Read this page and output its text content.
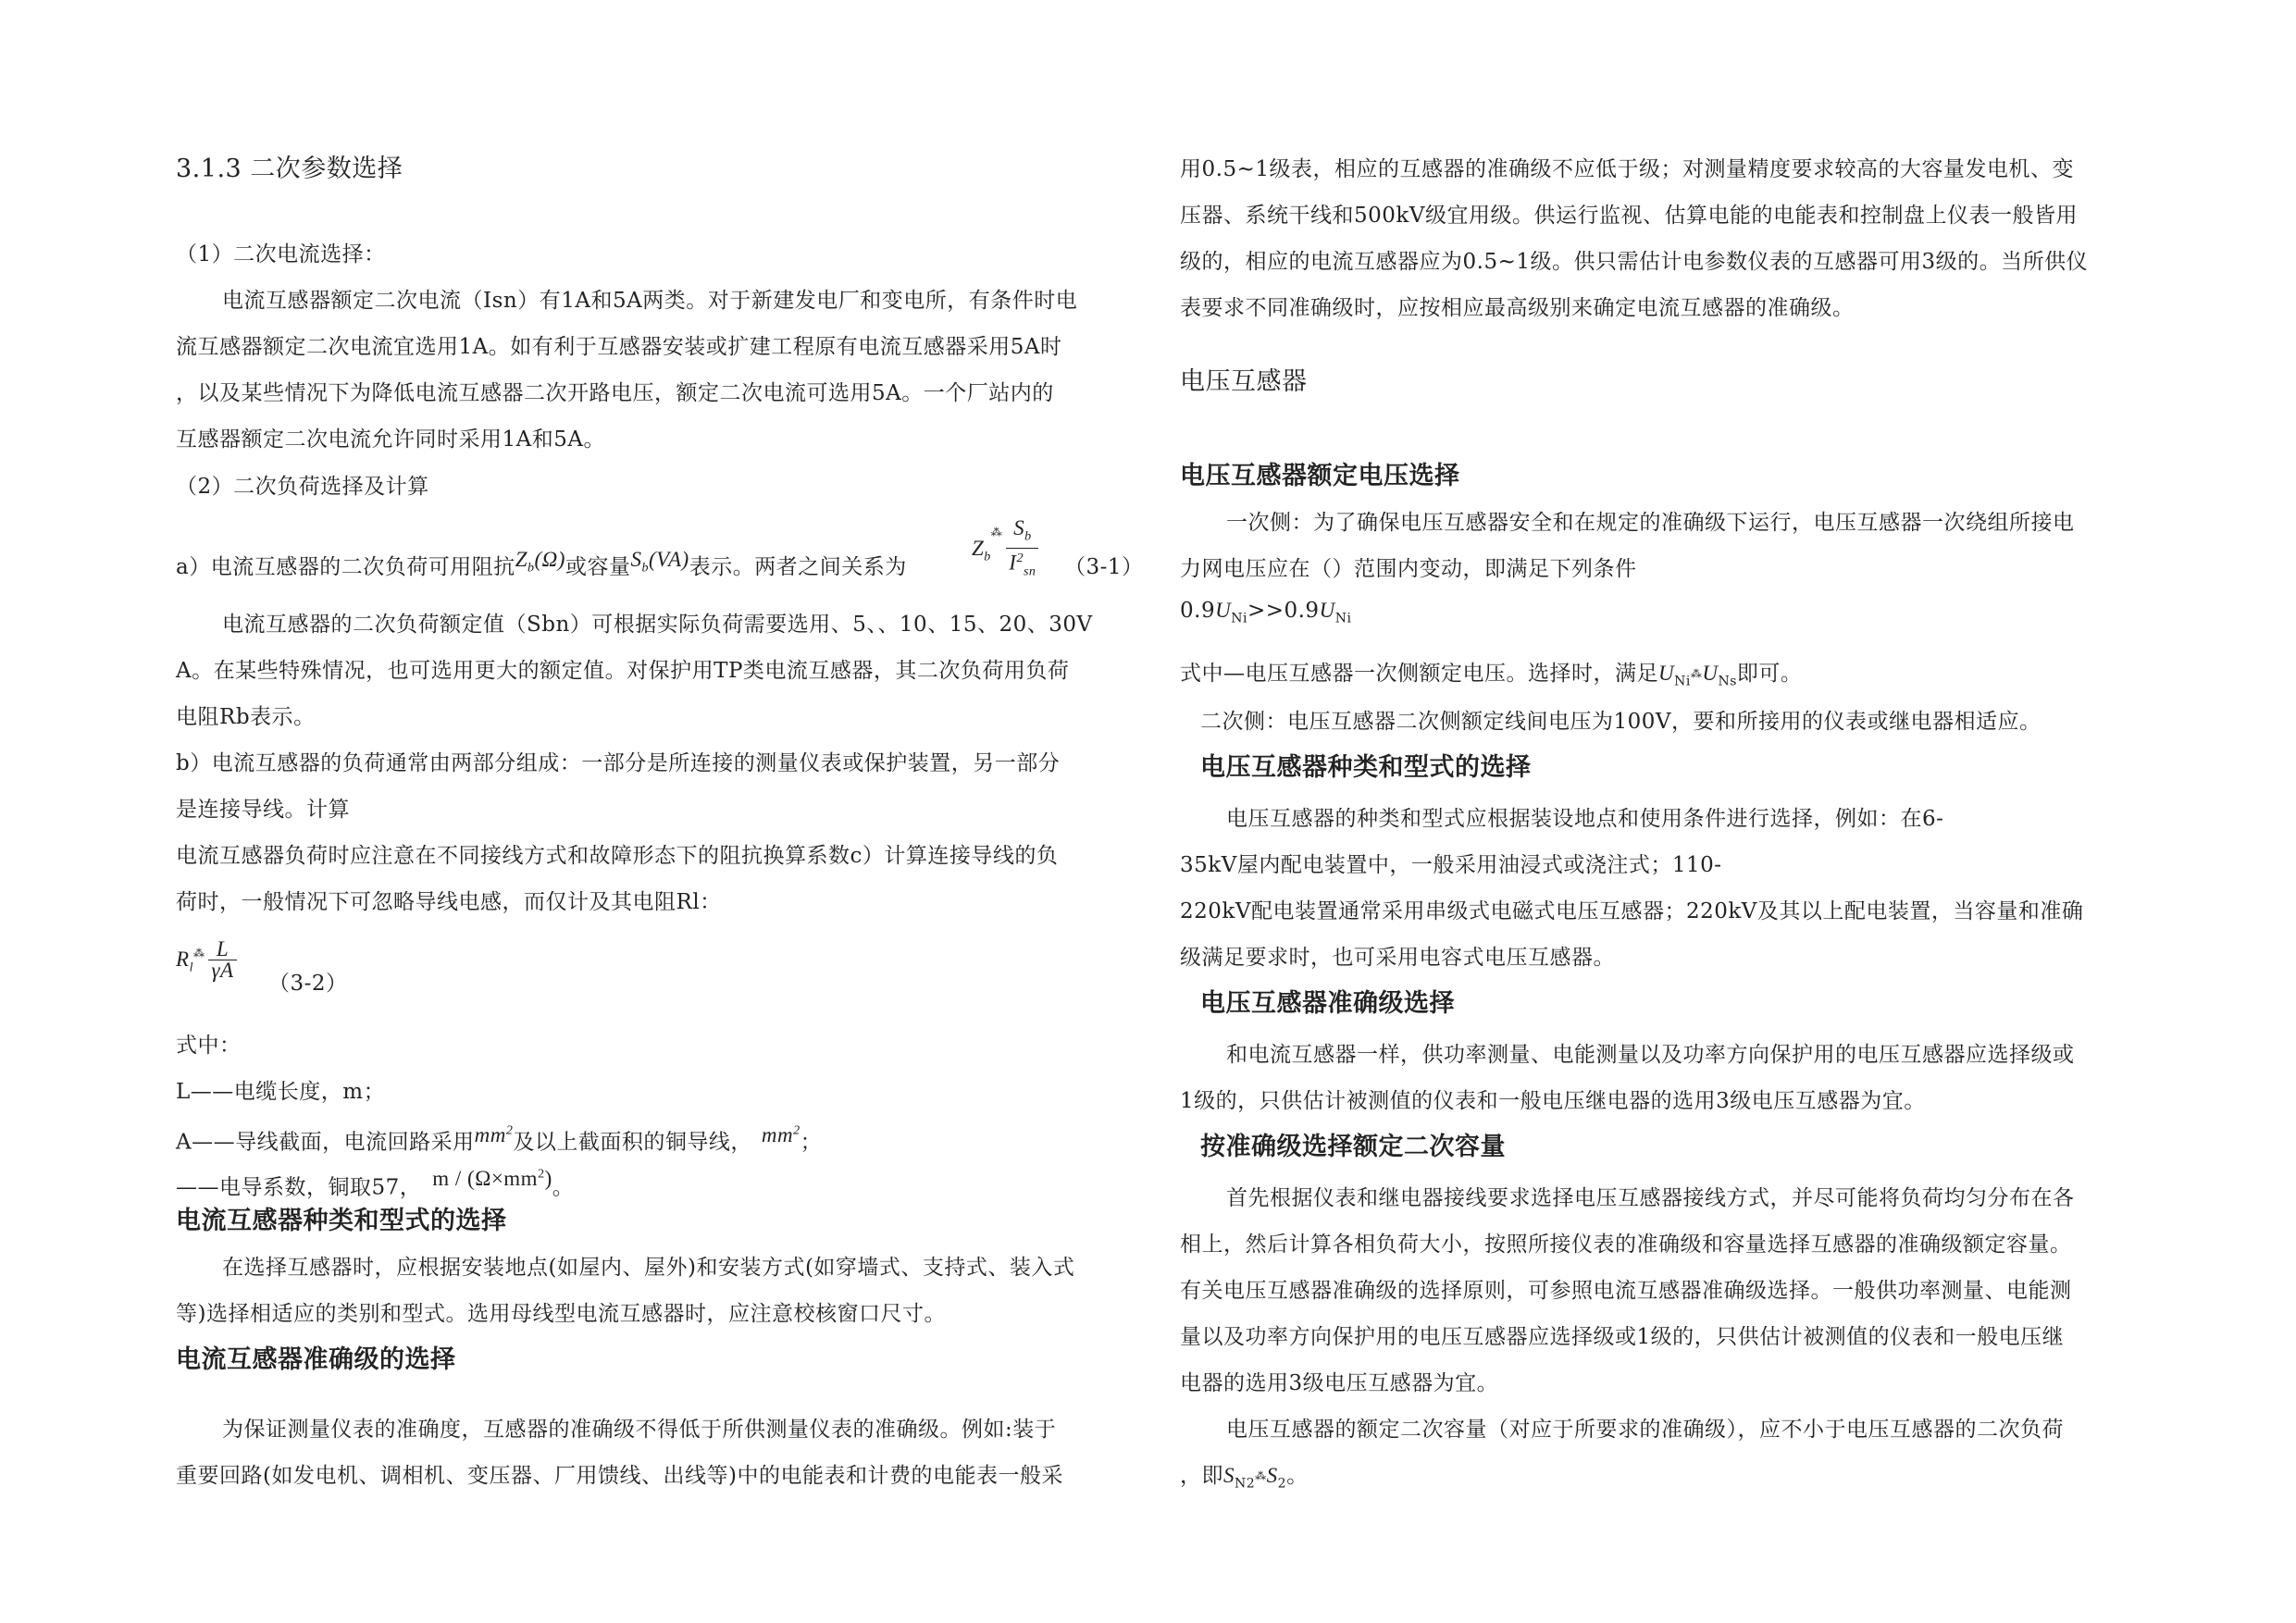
3.1.3 二次参数选择
（1）二次电流选择：
电流互感器额定二次电流（Isn）有1A和5A两类。对于新建发电厂和变电所，有条件时电
流互感器额定二次电流宜选用1A。如有利于互感器安装或扩建工程原有电流互感器采用5A时
，以及某些情况下为降低电流互感器二次开路电压，额定二次电流可选用5A。一个厂站内的
互感器额定二次电流允许同时采用1A和5A。
（2）二次负荷选择及计算
a）电流互感器的二次负荷可用阻抗$Z_b(\Omega)$或容量$S_b(VA)$表示。两者之间关系为
$Z_b^⁂ \frac{S_b}{I^2_{sn}} (3-1)$
电流互感器的二次负荷额定值（Sbn）可根据实际负荷需要选用、5、、10、15、20、30V
A。在某些特殊情况，也可选用更大的额定值。对保护用TP类电流互感器，其二次负荷用负荷
电阻Rb表示。
b）电流互感器的负荷通常由两部分组成：一部分是所连接的测量仪表或保护装置，另一部分
是连接导线。计算
电流互感器负荷时应注意在不同接线方式和故障形态下的阻抗换算系数c）计算连接导线的负
荷时，一般情况下可忽略导线电感，而仅计及其电阻Rl：
$R_l^⁂ \frac{L}{\gamma A}$
（3-2）
式中：
L——电缆长度，m；
A——导线截面，电流回路采用$mm^2$及以上截面积的铜导线， $mm^2$；
——电导系数，铜取57， $m / (\Omega\times mm^2)$。
电流互感器种类和型式的选择
在选择互感器时，应根据安装地点(如屋内、屋外)和安装方式(如穿墙式、支持式、装入式
等)选择相适应的类别和型式。选用母线型电流互感器时，应注意校核窗口尺寸。
电流互感器准确级的选择
为保证测量仪表的准确度，互感器的准确级不得低于所供测量仪表的准确级。例如:装于
重要回路(如发电机、调相机、变压器、厂用馈线、出线等)中的电能表和计费的电能表一般采
用0.5~1级表，相应的互感器的准确级不应低于级；对测量精度要求较高的大容量发电机、变
压器、系统干线和500kV级宜用级。供运行监视、估算电能的电能表和控制盘上仪表一般皆用
级的，相应的电流互感器应为0.5~1级。供只需估计电参数仪表的互感器可用3级的。当所供仪
表要求不同准确级时，应按相应最高级别来确定电流互感器的准确级。
电压互感器
电压互感器额定电压选择
一次侧：为了确保电压互感器安全和在规定的准确级下运行，电压互感器一次绕组所接电
力网电压应在（）范围内变动，即满足下列条件
$0.9U_{Ni}>>0.9U_{Ni}$
式中—电压互感器一次侧额定电压。选择时，满足$U_{Ni}^⁂U_{Ns}$即可。
二次侧：电压互感器二次侧额定线间电压为100V，要和所接用的仪表或继电器相适应。
电压互感器种类和型式的选择
电压互感器的种类和型式应根据装设地点和使用条件进行选择，例如：在6-
35kV屋内配电装置中，一般采用油浸式或浇注式；110-
220kV配电装置通常采用串级式电磁式电压互感器；220kV及其以上配电装置，当容量和准确
级满足要求时，也可采用电容式电压互感器。
电压互感器准确级选择
和电流互感器一样，供功率测量、电能测量以及功率方向保护用的电压互感器应选择级或
1级的，只供估计被测值的仪表和一般电压继电器的选用3级电压互感器为宜。
按准确级选择额定二次容量
首先根据仪表和继电器接线要求选择电压互感器接线方式，并尽可能将负荷均匀分布在各
相上，然后计算各相负荷大小，按照所接仪表的准确级和容量选择互感器的准确级额定容量。
有关电压互感器准确级的选择原则，可参照电流互感器准确级选择。一般供功率测量、电能测
量以及功率方向保护用的电压互感器应选择级或1级的，只供估计被测值的仪表和一般电压继
电器的选用3级电压互感器为宜。
电压互感器的额定二次容量（对应于所要求的准确级），应不小于电压互感器的二次负荷
，即$S_{N2}^⁂S_2$。
